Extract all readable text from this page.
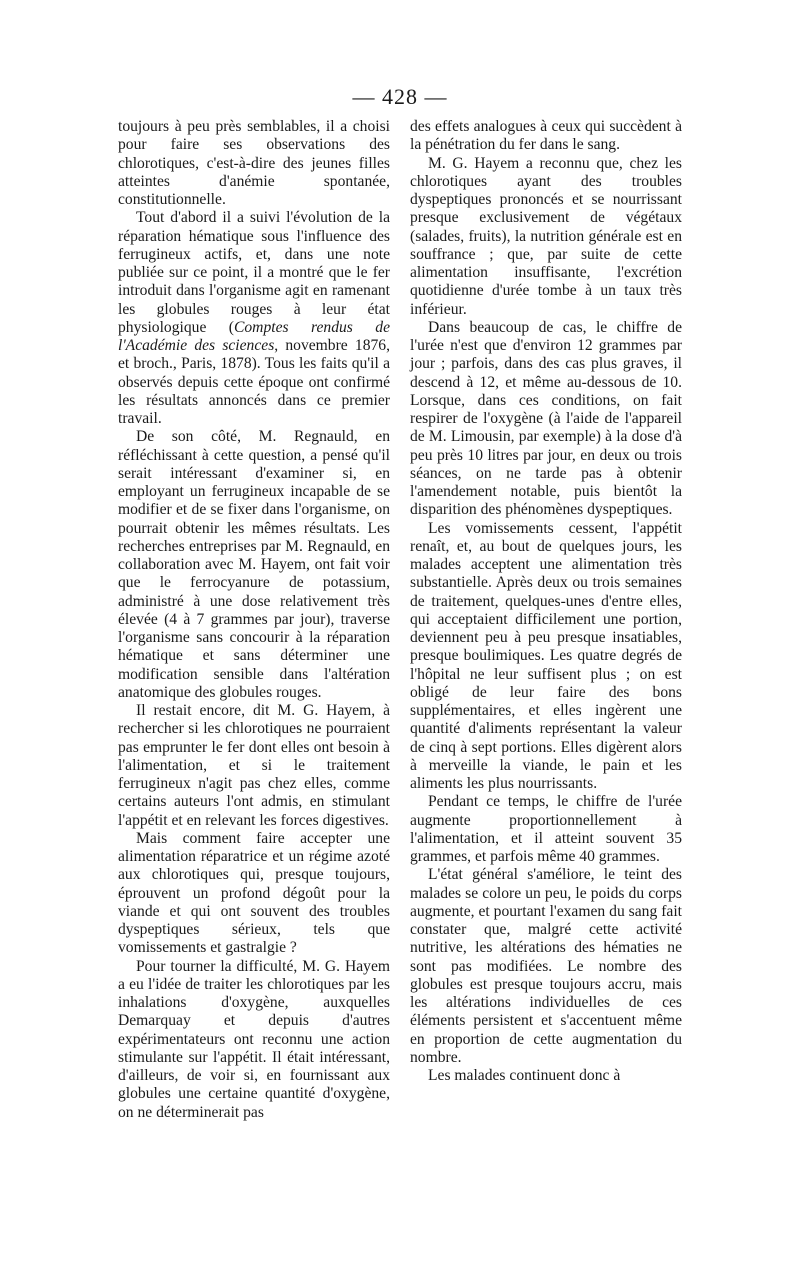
— 428 —

toujours à peu près semblables, il a choisi pour faire ses observations des chlorotiques, c'est-à-dire des jeunes filles atteintes d'anémie spontanée, constitutionnelle.

Tout d'abord il a suivi l'évolution de la réparation hématique sous l'influence des ferrugineux actifs, et, dans une note publiée sur ce point, il a montré que le fer introduit dans l'organisme agit en ramenant les globules rouges à leur état physiologique (Comptes rendus de l'Académie des sciences, novembre 1876, et broch., Paris, 1878). Tous les faits qu'il a observés depuis cette époque ont confirmé les résultats annoncés dans ce premier travail.

De son côté, M. Regnauld, en réfléchissant à cette question, a pensé qu'il serait intéressant d'examiner si, en employant un ferrugineux incapable de se modifier et de se fixer dans l'organisme, on pourrait obtenir les mêmes résultats. Les recherches entreprises par M. Regnauld, en collaboration avec M. Hayem, ont fait voir que le ferrocyanure de potassium, administré à une dose relativement très élevée (4 à 7 grammes par jour), traverse l'organisme sans concourir à la réparation hématique et sans déterminer une modification sensible dans l'altération anatomique des globules rouges.

Il restait encore, dit M. G. Hayem, à rechercher si les chlorotiques ne pourraient pas emprunter le fer dont elles ont besoin à l'alimentation, et si le traitement ferrugineux n'agit pas chez elles, comme certains auteurs l'ont admis, en stimulant l'appétit et en relevant les forces digestives.

Mais comment faire accepter une alimentation réparatrice et un régime azoté aux chlorotiques qui, presque toujours, éprouvent un profond dégoût pour la viande et qui ont souvent des troubles dyspeptiques sérieux, tels que vomissements et gastralgie ?

Pour tourner la difficulté, M. G. Hayem a eu l'idée de traiter les chlorotiques par les inhalations d'oxygène, auxquelles Demarquay et depuis d'autres expérimentateurs ont reconnu une action stimulante sur l'appétit. Il était intéressant, d'ailleurs, de voir si, en fournissant aux globules une certaine quantité d'oxygène, on ne déterminerait pas

des effets analogues à ceux qui succèdent à la pénétration du fer dans le sang.

M. G. Hayem a reconnu que, chez les chlorotiques ayant des troubles dyspeptiques prononcés et se nourrissant presque exclusivement de végétaux (salades, fruits), la nutrition générale est en souffrance ; que, par suite de cette alimentation insuffisante, l'excrétion quotidienne d'urée tombe à un taux très inférieur.

Dans beaucoup de cas, le chiffre de l'urée n'est que d'environ 12 grammes par jour ; parfois, dans des cas plus graves, il descend à 12, et même au-dessous de 10. Lorsque, dans ces conditions, on fait respirer de l'oxygène (à l'aide de l'appareil de M. Limousin, par exemple) à la dose d'à peu près 10 litres par jour, en deux ou trois séances, on ne tarde pas à obtenir l'amendement notable, puis bientôt la disparition des phénomènes dyspeptiques.

Les vomissements cessent, l'appétit renaît, et, au bout de quelques jours, les malades acceptent une alimentation très substantielle. Après deux ou trois semaines de traitement, quelques-unes d'entre elles, qui acceptaient difficilement une portion, deviennent peu à peu presque insatiables, presque boulimiques. Les quatre degrés de l'hôpital ne leur suffisent plus ; on est obligé de leur faire des bons supplémentaires, et elles ingèrent une quantité d'aliments représentant la valeur de cinq à sept portions. Elles digèrent alors à merveille la viande, le pain et les aliments les plus nourrissants.

Pendant ce temps, le chiffre de l'urée augmente proportionnellement à l'alimentation, et il atteint souvent 35 grammes, et parfois même 40 grammes.

L'état général s'améliore, le teint des malades se colore un peu, le poids du corps augmente, et pourtant l'examen du sang fait constater que, malgré cette activité nutritive, les altérations des hématies ne sont pas modifiées. Le nombre des globules est presque toujours accru, mais les altérations individuelles de ces éléments persistent et s'accentuent même en proportion de cette augmentation du nombre.

Les malades continuent donc à
